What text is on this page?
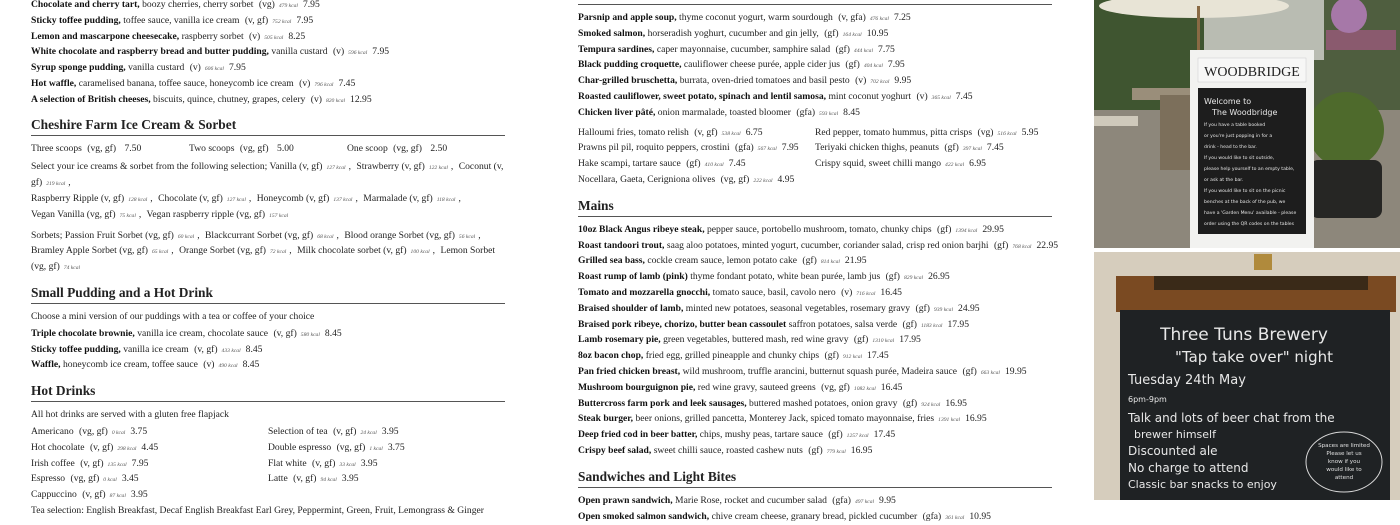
Chocolate and cherry tart, boozy cherries, cherry sorbet (vg) 479 kcal 7.95
Sticky toffee pudding, toffee sauce, vanilla ice cream (v, gf) 752 kcal 7.95
Lemon and mascarpone cheesecake, raspberry sorbet (v) 505 kcal 8.25
White chocolate and raspberry bread and butter pudding, vanilla custard (v) 596 kcal 7.95
Syrup sponge pudding, vanilla custard (v) 606 kcal 7.95
Hot waffle, caramelised banana, toffee sauce, honeycomb ice cream (v) 796 kcal 7.45
A selection of British cheeses, biscuits, quince, chutney, grapes, celery (v) 820 kcal 12.95
Cheshire Farm Ice Cream & Sorbet
Three scoops (vg, gf) 7.50	Two scoops (vg, gf) 5.00	One scoop (vg, gf) 2.50
Select your ice creams & sorbet from the following selection; Vanilla (v, gf) 127 kcal , Strawberry (v, gf) 122 kcal , Coconut (v, gf) 219 kcal ,
Raspberry Ripple (v, gf) 128 kcal , Chocolate (v, gf) 127 kcal , Honeycomb (v, gf) 137 kcal , Marmalade (v, gf) 118 kcal ,
Vegan Vanilla (vg, gf) 75 kcal , Vegan raspberry ripple (vg, gf) 157 kcal
Sorbets; Passion Fruit Sorbet (vg, gf) 60 kcal , Blackcurrant Sorbet (vg, gf) 68 kcal , Blood orange Sorbet (vg, gf) 56 kcal ,
Bramley Apple Sorbet (vg, gf) 65 kcal , Orange Sorbet (vg, gf) 72 kcal , Milk chocolate sorbet (v, gf) 100 kcal , Lemon Sorbet (vg, gf) 74 kcal
Small Pudding and a Hot Drink
Choose a mini version of our puddings with a tea or coffee of your choice
Triple chocolate brownie, vanilla ice cream, chocolate sauce (v, gf) 580 kcal 8.45
Sticky toffee pudding, vanilla ice cream (v, gf) 433 kcal 8.45
Waffle, honeycomb ice cream, toffee sauce (v) 490 kcal 8.45
Hot Drinks
All hot drinks are served with a gluten free flapjack
Americano (vg, gf) 0 kcal 3.75
Hot chocolate (v, gf) 298 kcal 4.45
Irish coffee (v, gf) 135 kcal 7.95
Espresso (vg, gf) 0 kcal 3.45
Cappuccino (v, gf) 87 kcal 3.95
Selection of tea (v, gf) 24 kcal 3.95
Double espresso (vg, gf) 1 kcal 3.75
Flat white (v, gf) 33 kcal 3.95
Latte (v, gf) 94 kcal 3.95
Tea selection: English Breakfast, Decaf English Breakfast Earl Grey, Peppermint, Green, Fruit, Lemongrass & Ginger
Parsnip and apple soup, thyme coconut yogurt, warm sourdough (v, gfa) 476 kcal 7.25
Smoked salmon, horseradish yoghurt, cucumber and gin jelly, (gf) 164 kcal 10.95
Tempura sardines, caper mayonnaise, cucumber, samphire salad (gf) 444 kcal 7.75
Black pudding croquette, cauliflower cheese purée, apple cider jus (gf) 404 kcal 7.95
Char-grilled bruschetta, burrata, oven-dried tomatoes and basil pesto (v) 702 kcal 9.95
Roasted cauliflower, sweet potato, spinach and lentil samosa, mint coconut yoghurt (v) 365 kcal 7.45
Chicken liver pâté, onion marmalade, toasted bloomer (gfa) 593 kcal 8.45
Halloumi fries, tomato relish (v, gf) 538 kcal 6.75
Prawns pil pil, roquito peppers, crostini (gfa) 567 kcal 7.95
Hake scampi, tartare sauce (gf) 410 kcal 7.45
Nocellara, Gaeta, Cerigniona olives (vg, gf) 222 kcal 4.95
Red pepper, tomato hummus, pitta crisps (vg) 516 kcal 5.95
Teriyaki chicken thighs, peanuts (gf) 397 kcal 7.45
Crispy squid, sweet chilli mango 422 kcal 6.95
Mains
10oz Black Angus ribeye steak, pepper sauce, portobello mushroom, tomato, chunky chips (gf) 1394 kcal 29.95
Roast tandoori trout, saag aloo potatoes, minted yogurt, cucumber, coriander salad, crisp red onion barjhi (gf) 768 kcal 22.95
Grilled sea bass, cockle cream sauce, lemon potato cake (gf) 814 kcal 21.95
Roast rump of lamb (pink) thyme fondant potato, white bean purée, lamb jus (gf) 829 kcal 26.95
Tomato and mozzarella gnocchi, tomato sauce, basil, cavolo nero (v) 716 kcal 16.45
Braised shoulder of lamb, minted new potatoes, seasonal vegetables, rosemary gravy (gf) 939 kcal 24.95
Braised pork ribeye, chorizo, butter bean cassoulet saffron potatoes, salsa verde (gf) 1183 kcal 17.95
Lamb rosemary pie, green vegetables, buttered mash, red wine gravy (gf) 1310 kcal 17.95
8oz bacon chop, fried egg, grilled pineapple and chunky chips (gf) 912 kcal 17.45
Pan fried chicken breast, wild mushroom, truffle arancini, butternut squash purée, Madeira sauce (gf) 663 kcal 19.95
Mushroom bourguignon pie, red wine gravy, sauteed greens (vg, gf) 1082 kcal 16.45
Buttercross farm pork and leek sausages, buttered mashed potatoes, onion gravy (gf) 924 kcal 16.95
Steak burger, beer onions, grilled pancetta, Monterey Jack, spiced tomato mayonnaise, fries 1391 kcal 16.95
Deep fried cod in beer batter, chips, mushy peas, tartare sauce (gf) 1257 kcal 17.45
Crispy beef salad, sweet chilli sauce, roasted cashew nuts (gf) 779 kcal 16.95
Sandwiches and Light Bites
Open prawn sandwich, Marie Rose, rocket and cucumber salad (gfa) 497 kcal 9.95
Open smoked salmon sandwich, chive cream cheese, granary bread, pickled cucumber (gfa) 361 kcal 10.95
WOODBRIDGE
Welcome to
The Woodbridge
If you have a table booked
or you're just popping in for a
drink - head to the bar.
If you would like to sit outside,
please help yourself to an empty table,
or ask at the bar.
If you would like to sit on the picnic
benches at the back of the pub, we
have a 'Garden Menu' available - please
order using the QR codes on the tables
Three Tuns Brewery
"Tap take over" night
Tuesday 24th May
6pm-9pm
Talk and lots of beer chat from the
brewer himself
Discounted ale
No charge to attend
Classic bar snacks to enjoy
Spaces are limited
Please let us
know if you
would like to
attend
